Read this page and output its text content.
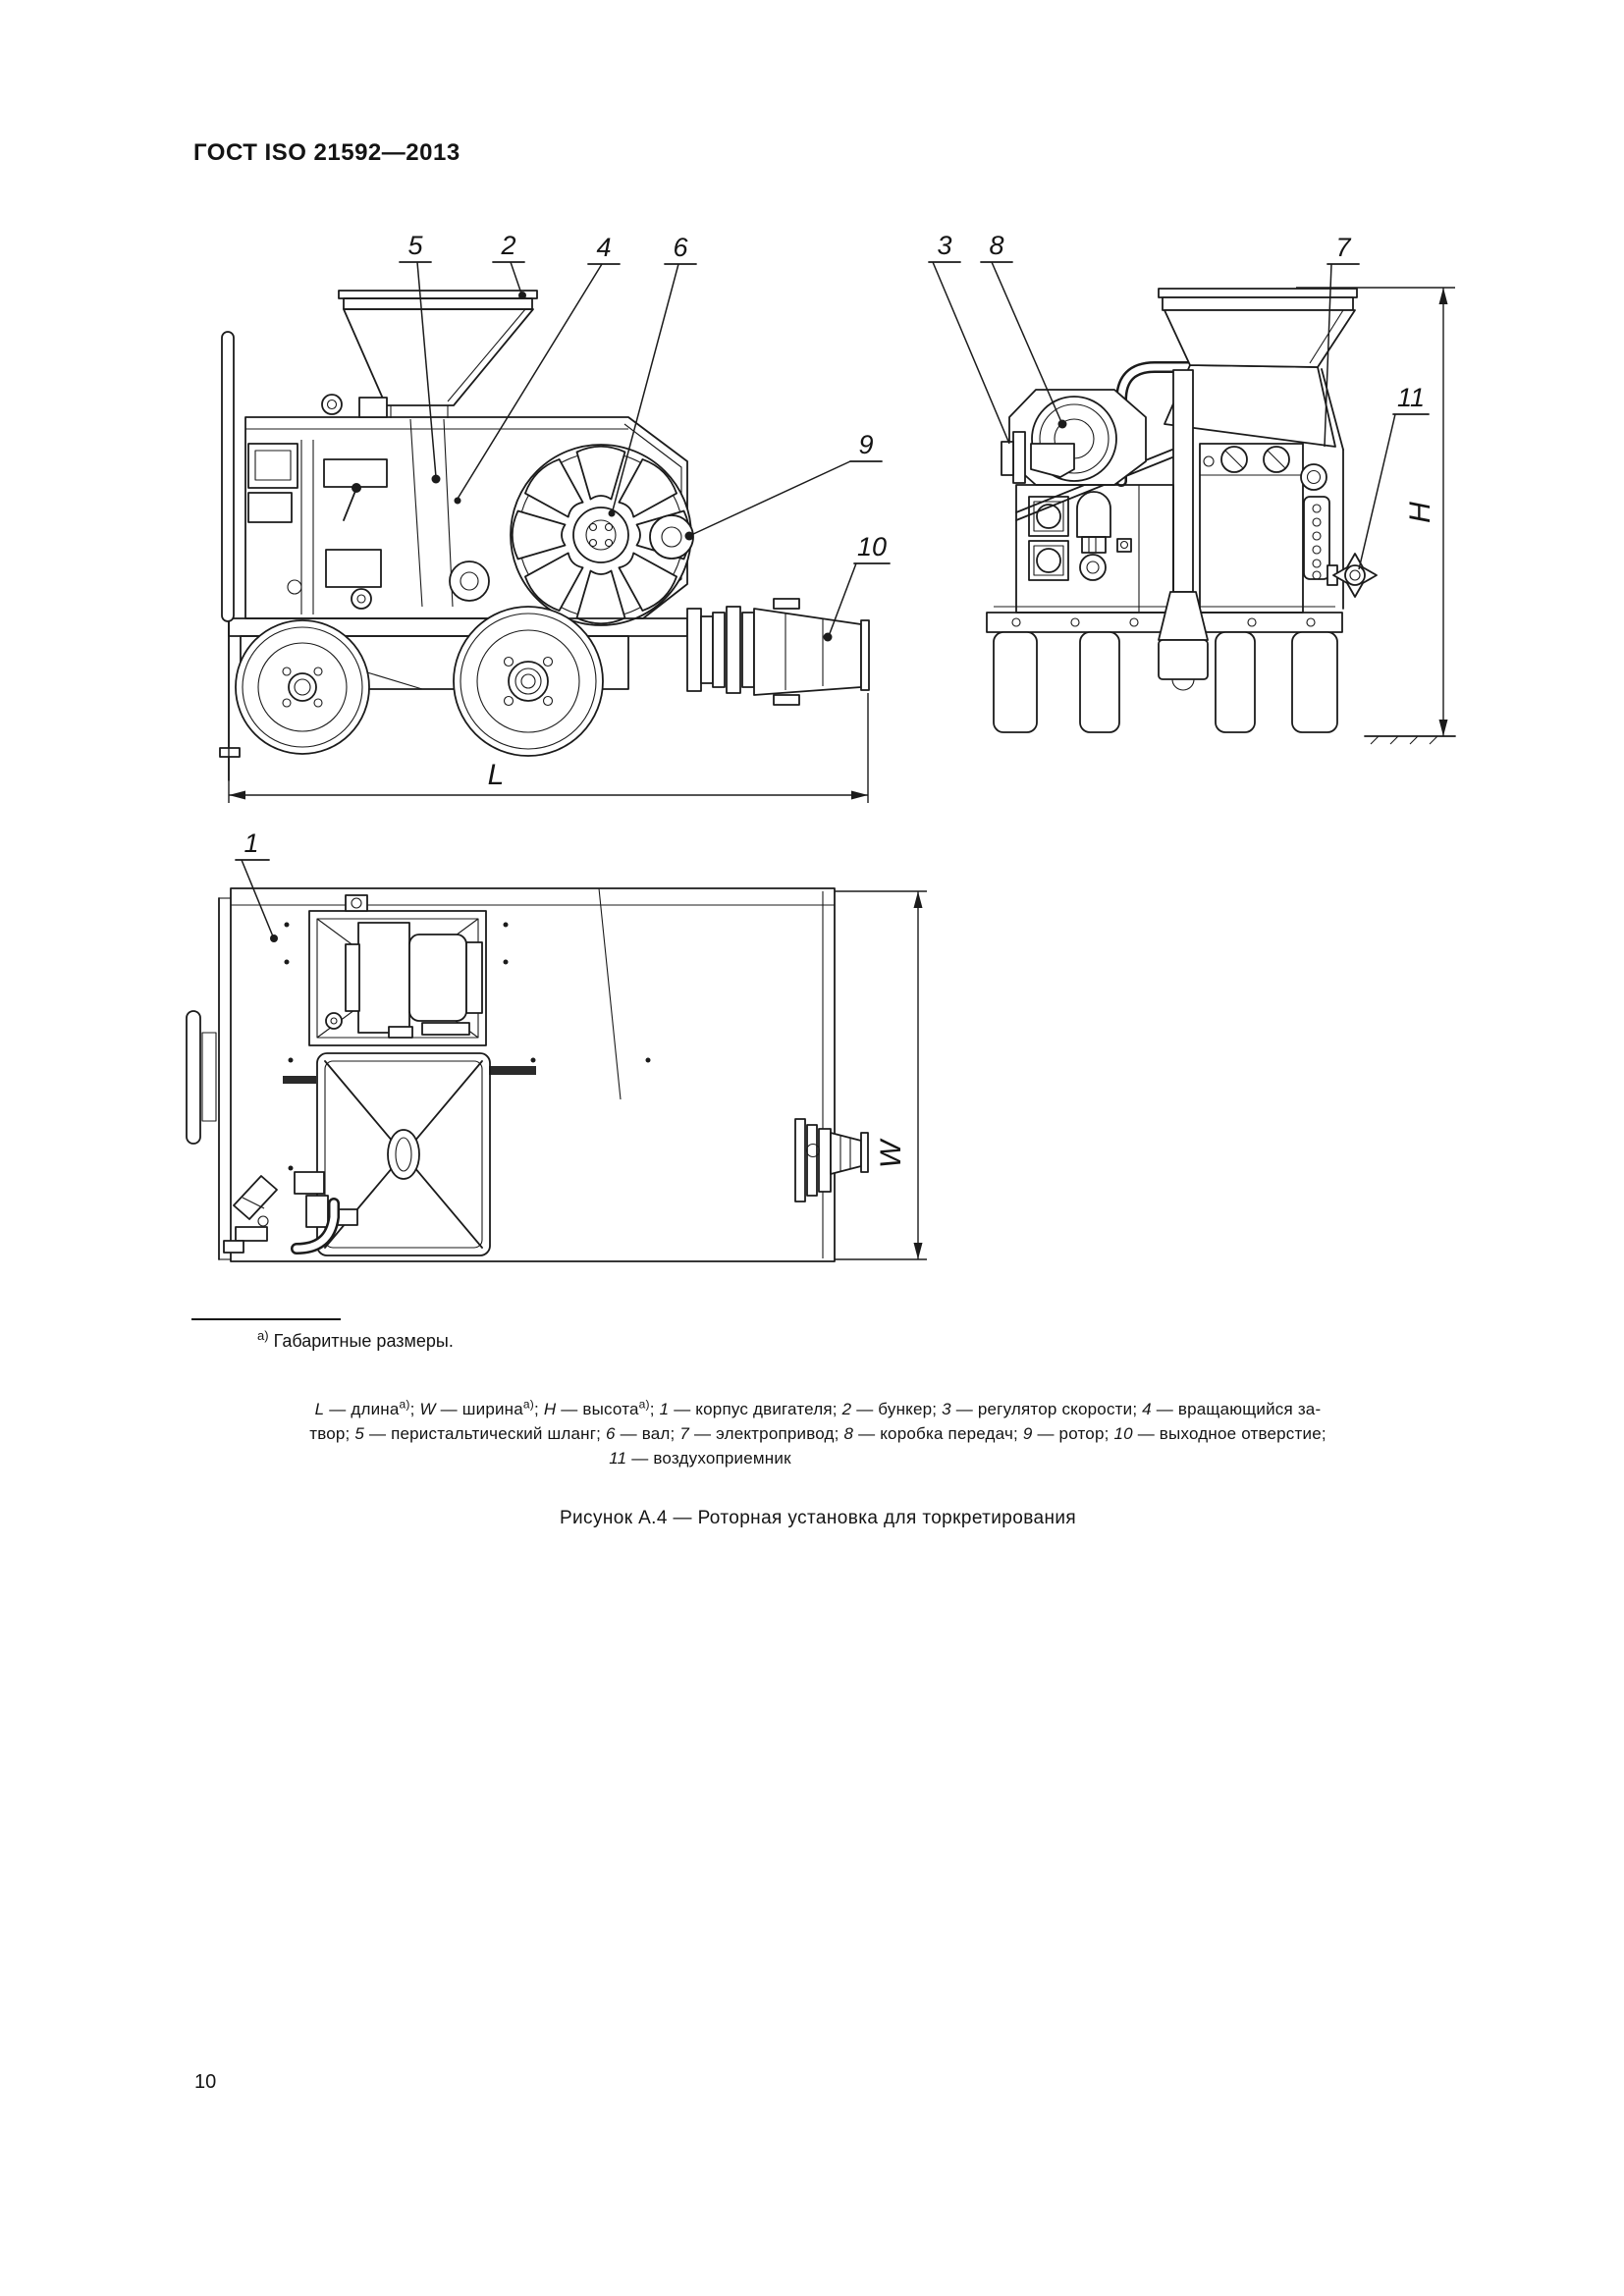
ГОСТ ISO 21592—2013
L
H
W
5	2	4 6	3 8	7
11
9
10
1
$^{а)}$ Габаритные размеры.
L — длина$^{а)}$; W — ширина$^{а)}$; H — высота$^{а)}$; 1 — корпус двигателя; 2 — бункер; 3 — регулятор скорости; 4 — вращающийся за-
твор; 5 — перистальтический шланг; 6 — вал; 7 — электропривод; 8 — коробка передач; 9 — ротор; 10 — выходное отверстие;
11 — воздухоприемник
Рисунок А.4 — Роторная установка для торкретирования
10
